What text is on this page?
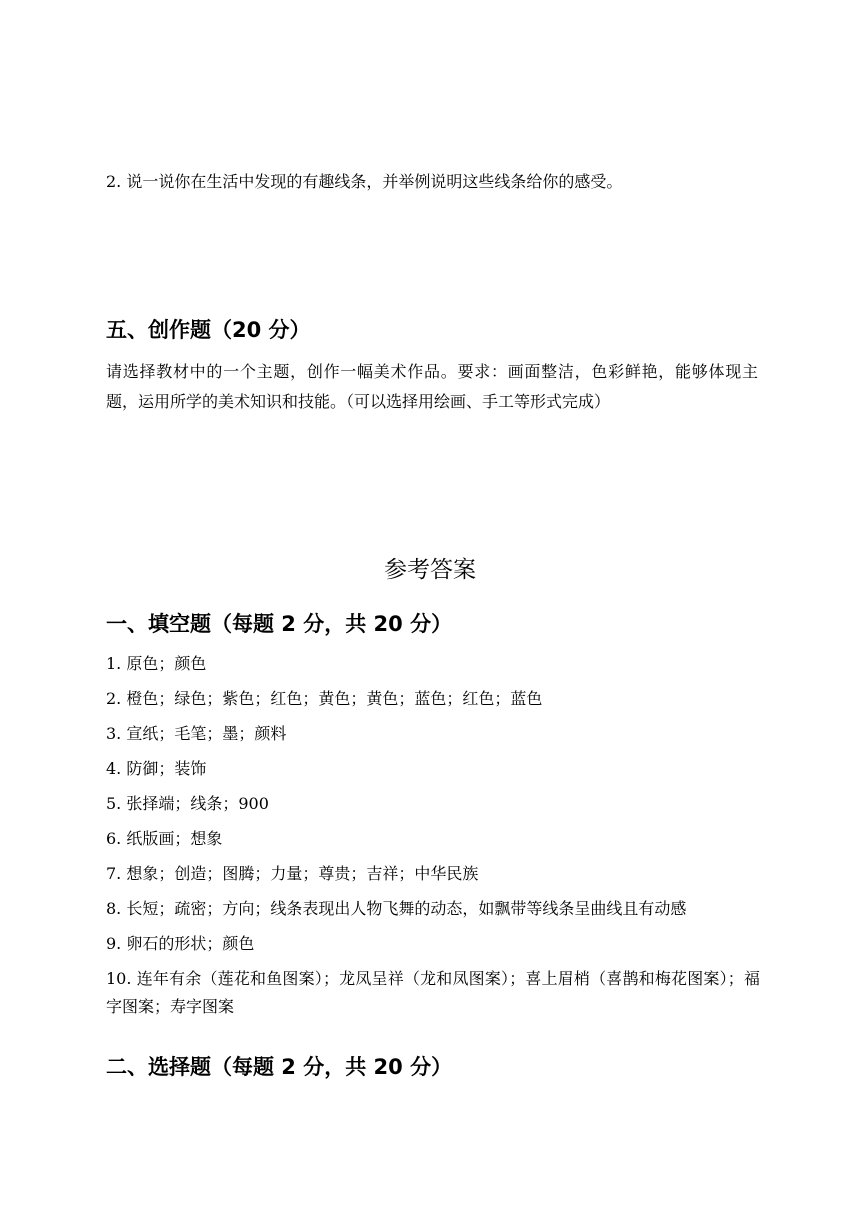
2. 说一说你在生活中发现的有趣线条，并举例说明这些线条给你的感受。
五、创作题（20 分）
请选择教材中的一个主题，创作一幅美术作品。要求：画面整洁，色彩鲜艳，能够体现主题，运用所学的美术知识和技能。（可以选择用绘画、手工等形式完成）
参考答案
一、填空题（每题 2 分，共 20 分）
1. 原色；颜色
2. 橙色；绿色；紫色；红色；黄色；黄色；蓝色；红色；蓝色
3. 宣纸；毛笔；墨；颜料
4. 防御；装饰
5. 张择端；线条；900
6. 纸版画；想象
7. 想象；创造；图腾；力量；尊贵；吉祥；中华民族
8. 长短；疏密；方向；线条表现出人物飞舞的动态，如飘带等线条呈曲线且有动感
9. 卵石的形状；颜色
10. 连年有余（莲花和鱼图案）；龙凤呈祥（龙和凤图案）；喜上眉梢（喜鹊和梅花图案）；福字图案；寿字图案
二、选择题（每题 2 分，共 20 分）
